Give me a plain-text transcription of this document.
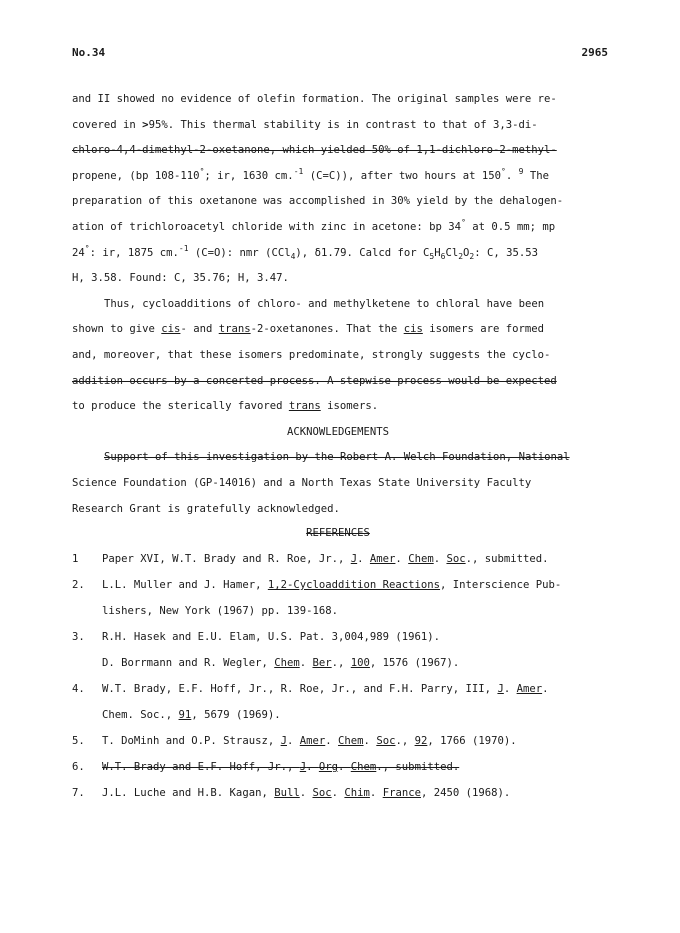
No.34	2965
and II showed no evidence of olefin formation. The original samples were re-
covered in >95%. This thermal stability is in contrast to that of 3,3-di-
chloro-4,4-dimethyl-2-oxetanone, which yielded 50% of 1,1-dichloro-2-methyl-
propene, (bp 108-110°; ir, 1630 cm.$^{-1}$ (C=C)), after two hours at 150°. $^9$ The
preparation of this oxetanone was accomplished in 30% yield by the dehalogen-
ation of trichloroacetyl chloride with zinc in acetone: bp 34° at 0.5 mm; mp
24°: ir, 1875 cm.$^{-1}$ (C=O): nmr (CCl$_4$), δ1.79. Calcd for $C_5H_6Cl_2O_2$: C, 35.53
H, 3.58. Found: C, 35.76; H, 3.47.
Thus, cycloadditions of chloro- and methylketene to chloral have been
shown to give cis- and trans-2-oxetanones. That the cis isomers are formed
and, moreover, that these isomers predominate, strongly suggests the cyclo-
addition occurs by a concerted process. A stepwise process would be expected
to produce the sterically favored trans isomers.
ACKNOWLEDGEMENTS
Support of this investigation by the Robert A. Welch Foundation, National
Science Foundation (GP-14016) and a North Texas State University Faculty
Research Grant is gratefully acknowledged.
REFERENCES
1	Paper XVI, W.T. Brady and R. Roe, Jr., J. Amer. Chem. Soc., submitted.
2.	L.L. Muller and J. Hamer, 1,2-Cycloaddition Reactions, Interscience Pub-
lishers, New York (1967) pp. 139-168.
3.	R.H. Hasek and E.U. Elam, U.S. Pat. 3,004,989 (1961).
D. Borrmann and R. Wegler, Chem. Ber., 100, 1576 (1967).
4.	W.T. Brady, E.F. Hoff, Jr., R. Roe, Jr., and F.H. Parry, III, J. Amer.
Chem. Soc., 91, 5679 (1969).
5.	T. DoMinh and O.P. Strausz, J. Amer. Chem. Soc., 92, 1766 (1970).
6.	W.T. Brady and E.F. Hoff, Jr., J. Org. Chem., submitted.
7.	J.L. Luche and H.B. Kagan, Bull. Soc. Chim. France, 2450 (1968).
